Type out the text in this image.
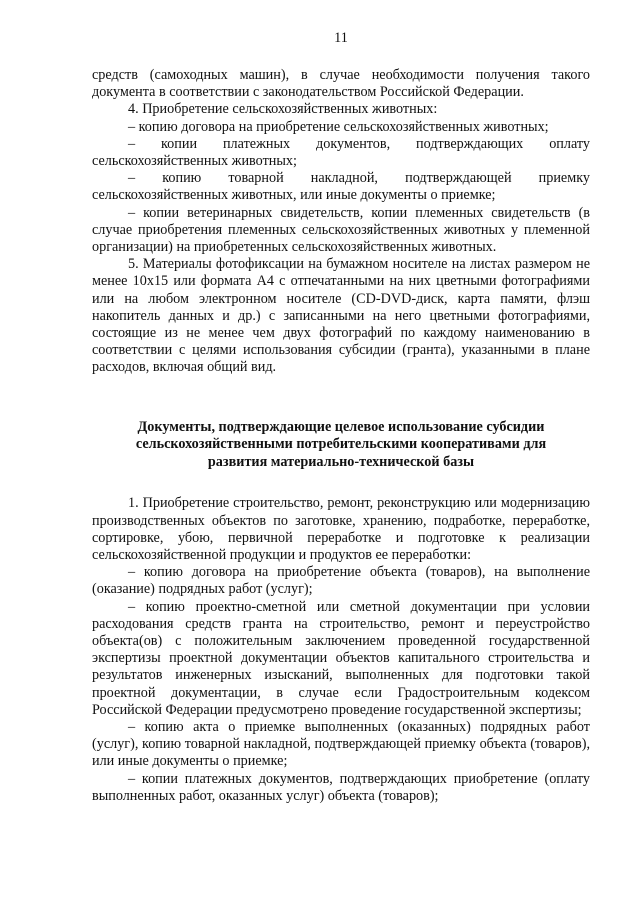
11

средств (самоходных машин), в случае необходимости получения такого документа в соответствии с законодательством Российской Федерации.

4. Приобретение сельскохозяйственных животных:

– копию договора на приобретение сельскохозяйственных животных;

– копии платежных документов, подтверждающих оплату сельскохозяйственных животных;

– копию товарной накладной, подтверждающей приемку сельскохозяйственных животных, или иные документы о приемке;

– копии ветеринарных свидетельств, копии племенных свидетельств (в случае приобретения племенных сельскохозяйственных животных у племенной организации) на приобретенных сельскохозяйственных животных.

5. Материалы фотофиксации на бумажном носителе на листах размером не менее 10х15 или формата А4 с отпечатанными на них цветными фотографиями или на любом электронном носителе (CD-DVD-диск, карта памяти, флэш накопитель данных и др.) с записанными на него цветными фотографиями, состоящие из не менее чем двух фотографий по каждому наименованию в соответствии с целями использования субсидии (гранта), указанными в плане расходов, включая общий вид.

Документы, подтверждающие целевое использование субсидии
сельскохозяйственными потребительскими кооперативами для
развития материально-технической базы

1. Приобретение строительство, ремонт, реконструкцию или модернизацию производственных объектов по заготовке, хранению, подработке, переработке, сортировке, убою, первичной переработке и подготовке к реализации сельскохозяйственной продукции и продуктов ее переработки:

– копию договора на приобретение объекта (товаров), на выполнение (оказание) подрядных работ (услуг);

– копию проектно-сметной или сметной документации при условии расходования средств гранта на строительство, ремонт и переустройство объекта(ов) с положительным заключением проведенной государственной экспертизы проектной документации объектов капитального строительства и результатов инженерных изысканий, выполненных для подготовки такой проектной документации, в случае если Градостроительным кодексом Российской Федерации предусмотрено проведение государственной экспертизы;

– копию акта о приемке выполненных (оказанных) подрядных работ (услуг), копию товарной накладной, подтверждающей приемку объекта (товаров), или иные документы о приемке;

– копии платежных документов, подтверждающих приобретение (оплату выполненных работ, оказанных услуг) объекта (товаров);
